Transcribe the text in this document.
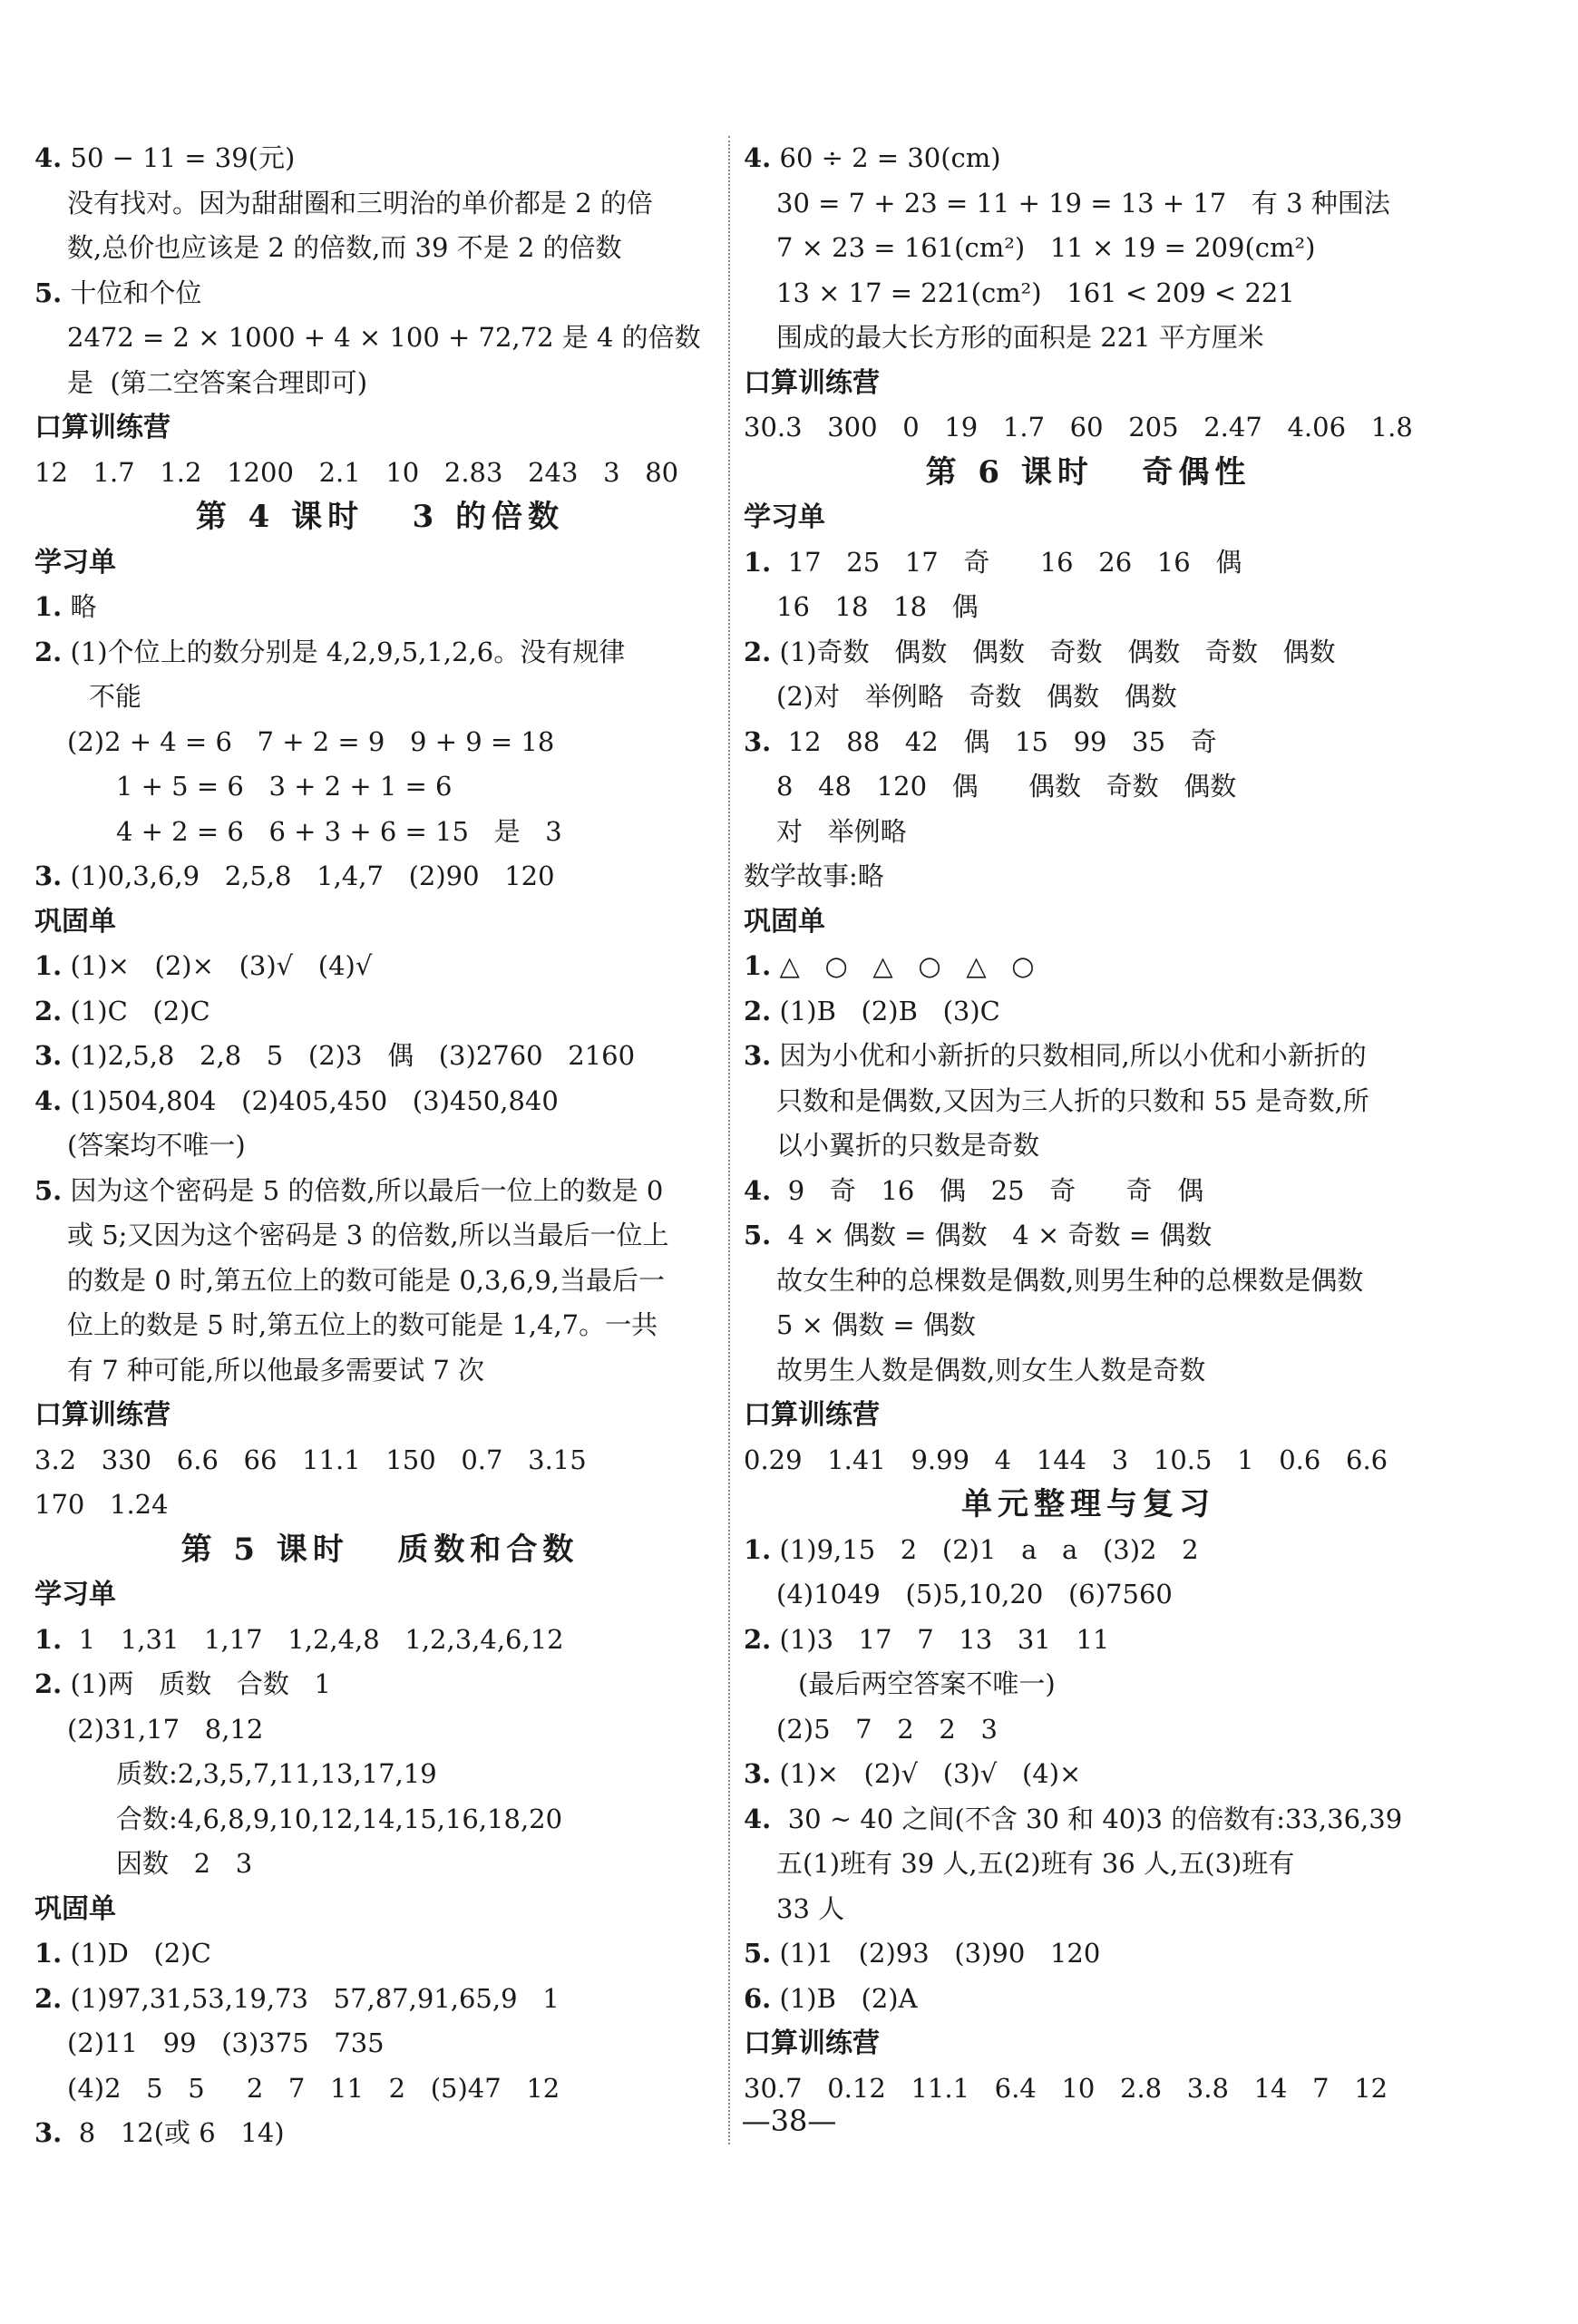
4. 50 − 11 = 39(元)
没有找对。因为甜甜圈和三明治的单价都是 2 的倍
数,总价也应该是 2 的倍数,而 39 不是 2 的倍数
5. 十位和个位
2472 = 2 × 1000 + 4 × 100 + 72,72 是 4 的倍数
是  (第二空答案合理即可)
口算训练营
12   1.7   1.2   1200   2.1   10   2.83   243   3   80
第 4 课时   3 的倍数
学习单
1. 略
2. (1)个位上的数分别是 4,2,9,5,1,2,6。没有规律
不能
(2)2 + 4 = 6   7 + 2 = 9   9 + 9 = 18
1 + 5 = 6   3 + 2 + 1 = 6
4 + 2 = 6   6 + 3 + 6 = 15   是   3
3. (1)0,3,6,9   2,5,8   1,4,7   (2)90   120
巩固单
1. (1)×   (2)×   (3)√   (4)√
2. (1)C   (2)C
3. (1)2,5,8   2,8   5   (2)3   偶   (3)2760   2160
4. (1)504,804   (2)405,450   (3)450,840
(答案均不唯一)
5. 因为这个密码是 5 的倍数,所以最后一位上的数是 0
或 5;又因为这个密码是 3 的倍数,所以当最后一位上
的数是 0 时,第五位上的数可能是 0,3,6,9,当最后一
位上的数是 5 时,第五位上的数可能是 1,4,7。一共
有 7 种可能,所以他最多需要试 7 次
口算训练营
3.2   330   6.6   66   11.1   150   0.7   3.15
170   1.24
第 5 课时   质数和合数
学习单
1.  1   1,31   1,17   1,2,4,8   1,2,3,4,6,12
2. (1)两   质数   合数   1
(2)31,17   8,12
质数:2,3,5,7,11,13,17,19
合数:4,6,8,9,10,12,14,15,16,18,20
因数   2   3
巩固单
1. (1)D   (2)C
2. (1)97,31,53,19,73   57,87,91,65,9   1
(2)11   99   (3)375   735
(4)2   5   5     2   7   11   2   (5)47   12
3.  8   12(或 6   14)
4. 60 ÷ 2 = 30(cm)
30 = 7 + 23 = 11 + 19 = 13 + 17   有 3 种围法
7 × 23 = 161(cm²)   11 × 19 = 209(cm²)
13 × 17 = 221(cm²)   161 < 209 < 221
围成的最大长方形的面积是 221 平方厘米
口算训练营
30.3   300   0   19   1.7   60   205   2.47   4.06   1.8
第 6 课时   奇偶性
学习单
1.  17   25   17   奇      16   26   16   偶
16   18   18   偶
2. (1)奇数   偶数   偶数   奇数   偶数   奇数   偶数
(2)对   举例略   奇数   偶数   偶数
3.  12   88   42   偶   15   99   35   奇
8   48   120   偶      偶数   奇数   偶数
对   举例略
数学故事:略
巩固单
1. △   ○   △   ○   △   ○
2. (1)B   (2)B   (3)C
3. 因为小优和小新折的只数相同,所以小优和小新折的
只数和是偶数,又因为三人折的只数和 55 是奇数,所
以小翼折的只数是奇数
4.  9   奇   16   偶   25   奇      奇   偶
5.  4 × 偶数 = 偶数   4 × 奇数 = 偶数
故女生种的总棵数是偶数,则男生种的总棵数是偶数
5 × 偶数 = 偶数
故男生人数是偶数,则女生人数是奇数
口算训练营
0.29   1.41   9.99   4   144   3   10.5   1   0.6   6.6
单元整理与复习
1. (1)9,15   2   (2)1   a   a   (3)2   2
(4)1049   (5)5,10,20   (6)7560
2. (1)3   17   7   13   31   11
(最后两空答案不唯一)
(2)5   7   2   2   3
3. (1)×   (2)√   (3)√   (4)×
4.  30 ~ 40 之间(不含 30 和 40)3 的倍数有:33,36,39
五(1)班有 39 人,五(2)班有 36 人,五(3)班有
33 人
5. (1)1   (2)93   (3)90   120
6. (1)B   (2)A
口算训练营
30.7   0.12   11.1   6.4   10   2.8   3.8   14   7   12
—38—
